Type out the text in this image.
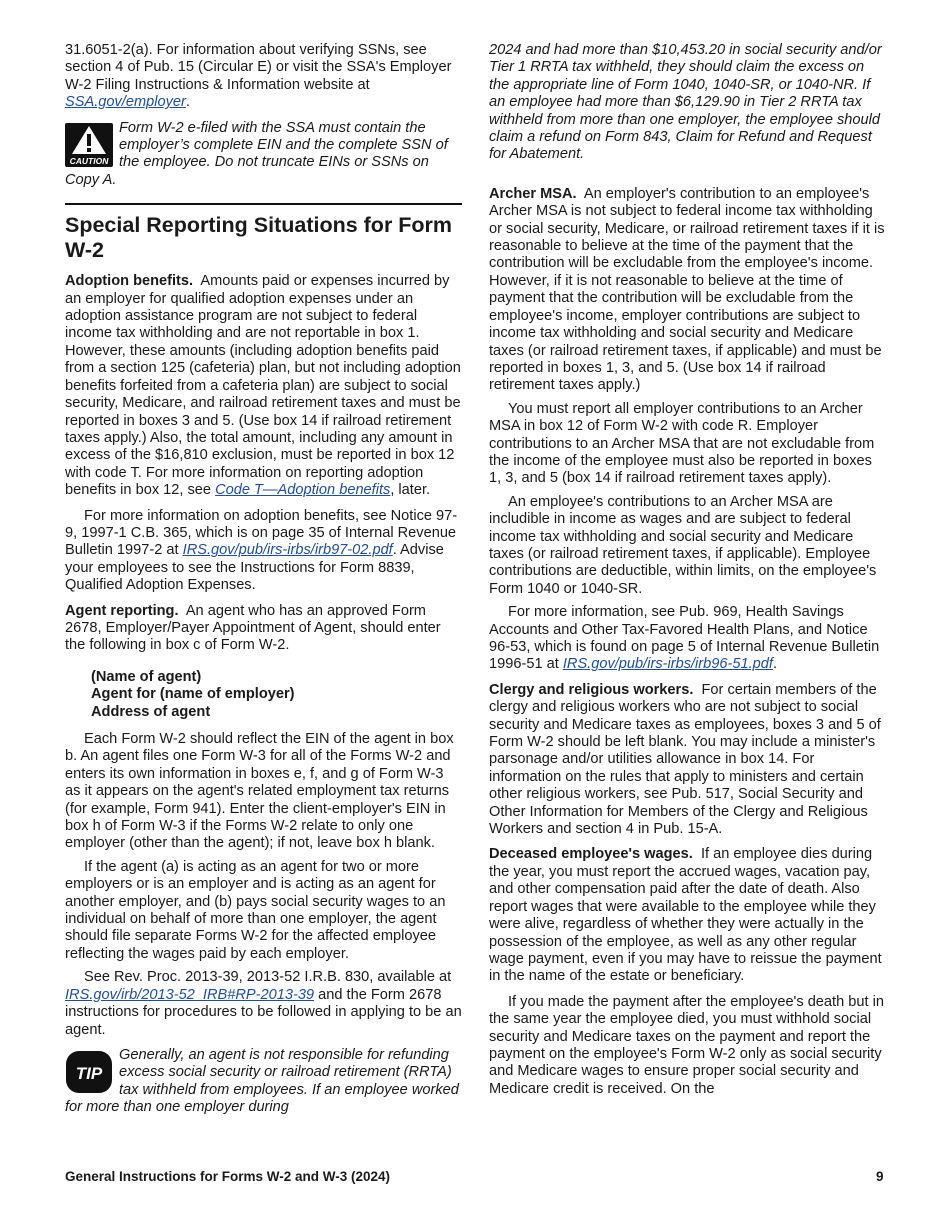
31.6051-2(a). For information about verifying SSNs, see section 4 of Pub. 15 (Circular E) or visit the SSA's Employer W-2 Filing Instructions & Information website at SSA.gov/employer.

CAUTION
Form W-2 e-filed with the SSA must contain the employer’s complete EIN and the complete SSN of the employee. Do not truncate EINs or SSNs on Copy A.
Special Reporting Situations for Form W-2

Adoption benefits. Amounts paid or expenses incurred by an employer for qualified adoption expenses under an adoption assistance program are not subject to federal income tax withholding and are not reportable in box 1. However, these amounts (including adoption benefits paid from a section 125 (cafeteria) plan, but not including adoption benefits forfeited from a cafeteria plan) are subject to social security, Medicare, and railroad retirement taxes and must be reported in boxes 3 and 5. (Use box 14 if railroad retirement taxes apply.) Also, the total amount, including any amount in excess of the $16,810 exclusion, must be reported in box 12 with code T. For more information on reporting adoption benefits in box 12, see Code T—Adoption benefits, later.

For more information on adoption benefits, see Notice 97-9, 1997-1 C.B. 365, which is on page 35 of Internal Revenue Bulletin 1997-2 at IRS.gov/pub/irs-irbs/irb97-02.pdf. Advise your employees to see the Instructions for Form 8839, Qualified Adoption Expenses.

Agent reporting. An agent who has an approved Form 2678, Employer/Payer Appointment of Agent, should enter the following in box c of Form W-2.

(Name of agent)
Agent for (name of employer)
Address of agent

Each Form W-2 should reflect the EIN of the agent in box b. An agent files one Form W-3 for all of the Forms W-2 and enters its own information in boxes e, f, and g of Form W-3 as it appears on the agent's related employment tax returns (for example, Form 941). Enter the client-employer's EIN in box h of Form W-3 if the Forms W-2 relate to only one employer (other than the agent); if not, leave box h blank.

If the agent (a) is acting as an agent for two or more employers or is an employer and is acting as an agent for another employer, and (b) pays social security wages to an individual on behalf of more than one employer, the agent should file separate Forms W-2 for the affected employee reflecting the wages paid by each employer.

See Rev. Proc. 2013-39, 2013-52 I.R.B. 830, available at IRS.gov/irb/2013-52_IRB#RP-2013-39 and the Form 2678 instructions for procedures to be followed in applying to be an agent.

TIP
Generally, an agent is not responsible for refunding excess social security or railroad retirement (RRTA) tax withheld from employees. If an employee worked for more than one employer during

2024 and had more than $10,453.20 in social security and/or Tier 1 RRTA tax withheld, they should claim the excess on the appropriate line of Form 1040, 1040-SR, or 1040-NR. If an employee had more than $6,129.90 in Tier 2 RRTA tax withheld from more than one employer, the employee should claim a refund on Form 843, Claim for Refund and Request for Abatement.

Archer MSA. An employer's contribution to an employee's Archer MSA is not subject to federal income tax withholding or social security, Medicare, or railroad retirement taxes if it is reasonable to believe at the time of the payment that the contribution will be excludable from the employee's income. However, if it is not reasonable to believe at the time of payment that the contribution will be excludable from the employee's income, employer contributions are subject to income tax withholding and social security and Medicare taxes (or railroad retirement taxes, if applicable) and must be reported in boxes 1, 3, and 5. (Use box 14 if railroad retirement taxes apply.)

You must report all employer contributions to an Archer MSA in box 12 of Form W-2 with code R. Employer contributions to an Archer MSA that are not excludable from the income of the employee must also be reported in boxes 1, 3, and 5 (box 14 if railroad retirement taxes apply).

An employee's contributions to an Archer MSA are includible in income as wages and are subject to federal income tax withholding and social security and Medicare taxes (or railroad retirement taxes, if applicable). Employee contributions are deductible, within limits, on the employee's Form 1040 or 1040-SR.

For more information, see Pub. 969, Health Savings Accounts and Other Tax-Favored Health Plans, and Notice 96-53, which is found on page 5 of Internal Revenue Bulletin 1996-51 at IRS.gov/pub/irs-irbs/irb96-51.pdf.

Clergy and religious workers. For certain members of the clergy and religious workers who are not subject to social security and Medicare taxes as employees, boxes 3 and 5 of Form W-2 should be left blank. You may include a minister's parsonage and/or utilities allowance in box 14. For information on the rules that apply to ministers and certain other religious workers, see Pub. 517, Social Security and Other Information for Members of the Clergy and Religious Workers and section 4 in Pub. 15-A.

Deceased employee's wages. If an employee dies during the year, you must report the accrued wages, vacation pay, and other compensation paid after the date of death. Also report wages that were available to the employee while they were alive, regardless of whether they were actually in the possession of the employee, as well as any other regular wage payment, even if you may have to reissue the payment in the name of the estate or beneficiary.

If you made the payment after the employee's death but in the same year the employee died, you must withhold social security and Medicare taxes on the payment and report the payment on the employee's Form W-2 only as social security and Medicare wages to ensure proper social security and Medicare credit is received. On the

General Instructions for Forms W-2 and W-3 (2024)	9
